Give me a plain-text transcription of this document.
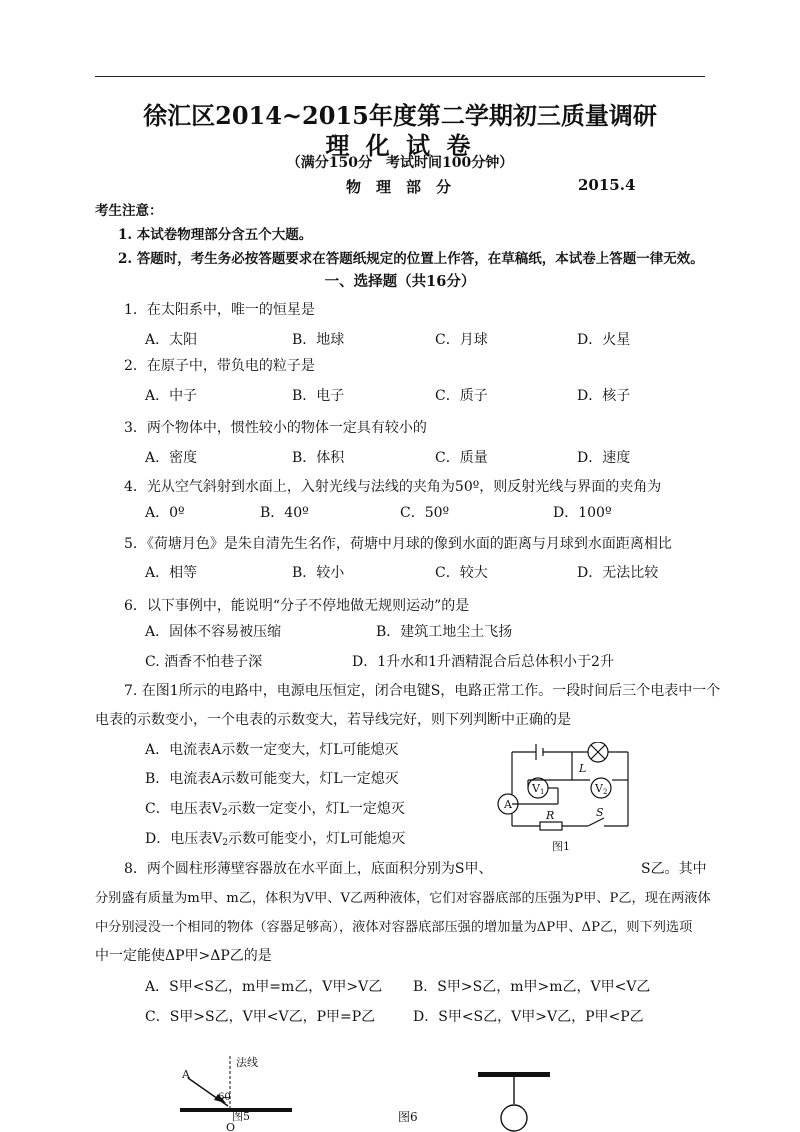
徐汇区2014~2015年度第二学期初三质量调研
理 化 试 卷
（满分150分　考试时间100分钟）
物　理　部　分	2015.4
考生注意：
1. 本试卷物理部分含五个大题。
2. 答题时，考生务必按答题要求在答题纸规定的位置上作答，在草稿纸，本试卷上答题一律无效。
一、选择题（共16分）
1．在太阳系中，唯一的恒星是
A．太阳	B．地球	C．月球	D．火星
2．在原子中，带负电的粒子是
A．中子	B．电子	C．质子	D．核子
3．两个物体中，惯性较小的物体一定具有较小的
A．密度	B．体积	C．质量	D．速度
4．光从空气斜射到水面上，入射光线与法线的夹角为50º，则反射光线与界面的夹角为
A．0º	B．40º	C．50º	D．100º
5．《荷塘月色》是朱自清先生名作，荷塘中月球的像到水面的距离与月球到水面距离相比
A．相等	B．较小	C．较大	D．无法比较
6．以下事例中，能说明“分子不停地做无规则运动”的是
A．固体不容易被压缩	B．建筑工地尘土飞扬
C. 酒香不怕巷子深	D．1升水和1升酒精混合后总体积小于2升
7. 在图1所示的电路中，电源电压恒定，闭合电键S，电路正常工作。一段时间后三个电表中一个
电表的示数变小，一个电表的示数变大，若导线完好，则下列判断中正确的是
A．电流表A示数一定变大，灯L可能熄灭
B．电流表A示数可能变大，灯L一定熄灭
C．电压表$V_2$示数一定变小，灯L一定熄灭
D．电压表$V_2$示数可能变小，灯L可能熄灭
L
V1	V2
A
R	S
图1
8．两个圆柱形薄壁容器放在水平面上，底面积分别为S甲、	S乙。其中
分别盛有质量为m甲、m乙，体积为V甲、V乙两种液体，它们对容器底部的压强为P甲、P乙，现在两液体
中分别浸没一个相同的物体（容器足够高），液体对容器底部压强的增加量为ΔP甲、ΔP乙，则下列选项
中一定能使ΔP甲>ΔP乙的是
A．S甲<S乙，m甲=m乙，V甲>V乙 B．S甲>S乙，m甲>m乙，V甲<V乙
C．S甲>S乙，V甲<V乙，P甲=P乙	D．S甲<S乙，V甲>V乙，P甲<P乙
法线
A
60
图5
O
图6
